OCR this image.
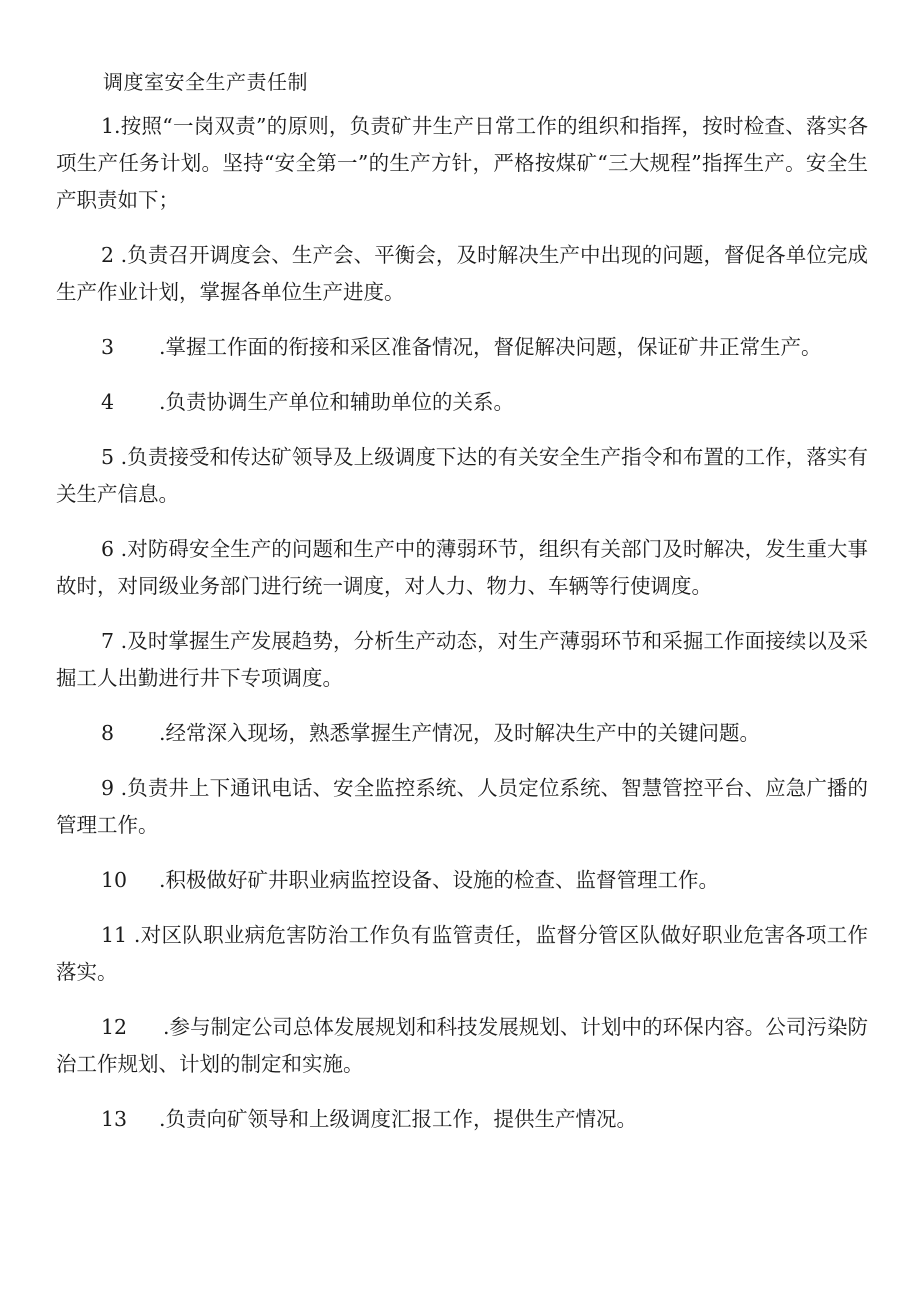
调度室安全生产责任制

1.按照“一岗双责”的原则，负责矿井生产日常工作的组织和指挥，按时检查、落实各项生产任务计划。坚持“安全第一”的生产方针，严格按煤矿“三大规程”指挥生产。安全生产职责如下；

2 .负责召开调度会、生产会、平衡会，及时解决生产中出现的问题，督促各单位完成生产作业计划，掌握各单位生产进度。

3 .掌握工作面的衔接和采区准备情况，督促解决问题，保证矿井正常生产。

4 .负责协调生产单位和辅助单位的关系。

5 .负责接受和传达矿领导及上级调度下达的有关安全生产指令和布置的工作，落实有关生产信息。

6 .对防碍安全生产的问题和生产中的薄弱环节，组织有关部门及时解决，发生重大事故时，对同级业务部门进行统一调度，对人力、物力、车辆等行使调度。

7 .及时掌握生产发展趋势，分析生产动态，对生产薄弱环节和采掘工作面接续以及采掘工人出勤进行井下专项调度。

8 .经常深入现场，熟悉掌握生产情况，及时解决生产中的关键问题。

9 .负责井上下通讯电话、安全监控系统、人员定位系统、智慧管控平台、应急广播的管理工作。

10 .积极做好矿井职业病监控设备、设施的检查、监督管理工作。

11 .对区队职业病危害防治工作负有监管责任，监督分管区队做好职业危害各项工作落实。

12 .参与制定公司总体发展规划和科技发展规划、计划中的环保内容。公司污染防治工作规划、计划的制定和实施。

13 .负责向矿领导和上级调度汇报工作，提供生产情况。
